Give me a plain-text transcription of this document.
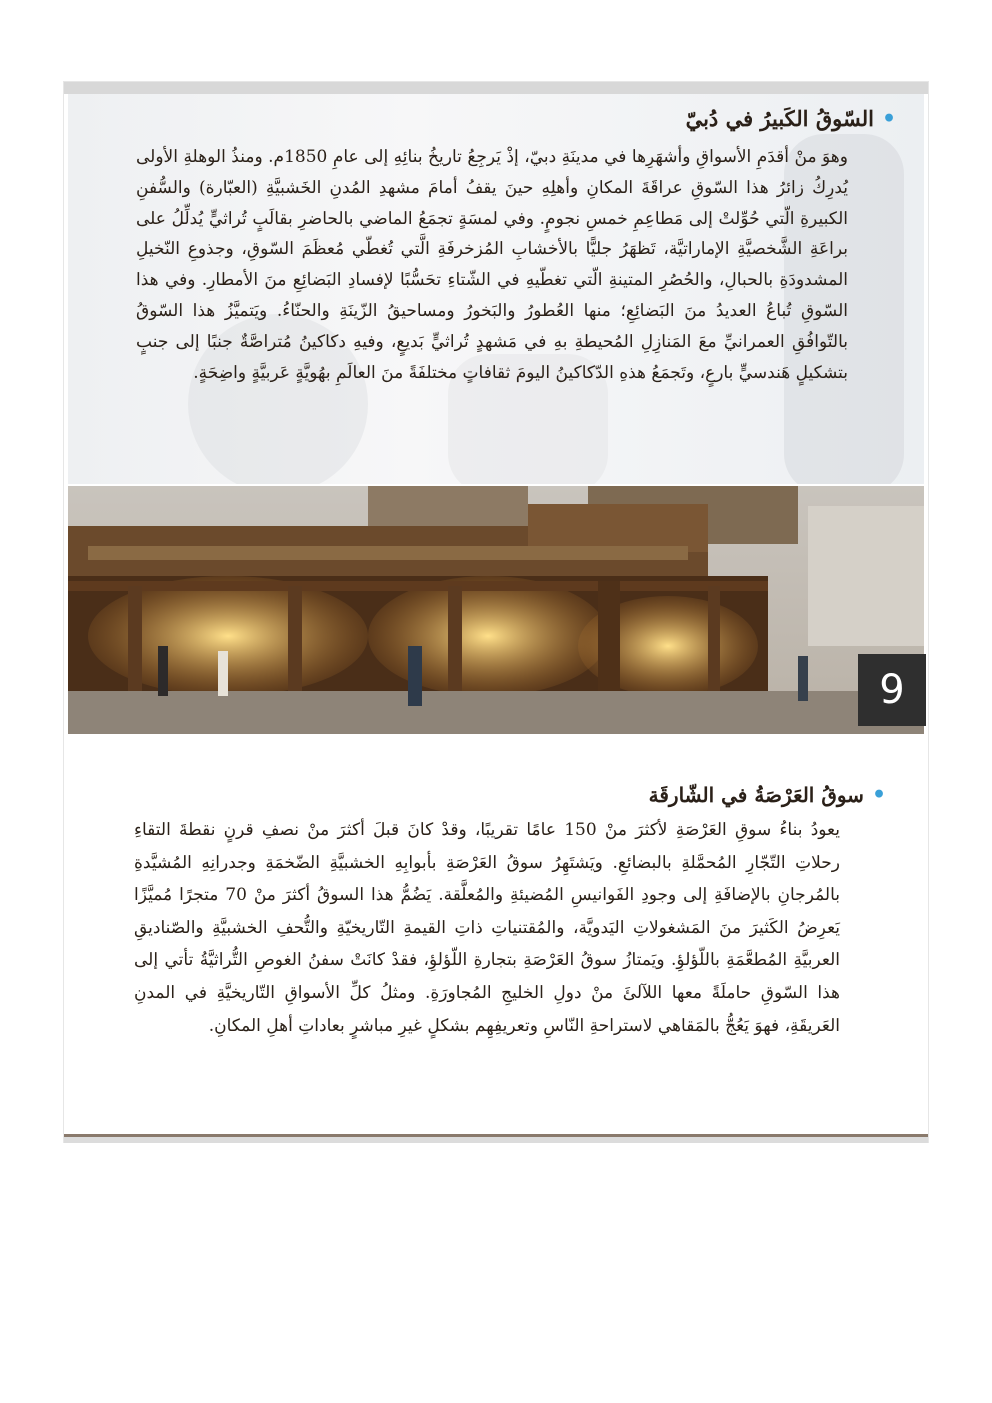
•السّوقُ الكَبيرُ في دُبيّ
وهوَ منْ أقدَمِ الأسواقِ وأشهَرِها في مدينَةِ دبيّ، إذْ يَرجِعُ تاريخُ بنائِهِ إلى عامِ 1850م. ومنذُ الوهلةِ الأولى يُدرِكُ زائرُ هذا السّوقِ عراقَةَ المكانِ وأهلِهِ حينَ يقفُ أمامَ مشهدِ المُدنِ الخَشبيَّةِ (العبّارة) والسُّفنِ الكبيرةِ الّتي حُوِّلتْ إلى مَطاعِمِ خمسِ نجومٍ. وفي لمسَةٍ تجمَعُ الماضي بالحاضرِ بقالَبٍ تُراثيٍّ يُدلِّلُ على براعَةِ الشَّخصيَّةِ الإماراتيَّة، تَظهَرُ جليًّا بالأخشابِ المُزخرفَةِ الَّتي تُغطّي مُعظَمَ السّوقِ، وجذوعِ النّخيلِ المشدودَةِ بالحبالِ، والحُصُرِ المتينةِ الّتي تغطّيهِ في الشّتاءِ تحَسُّبًا لإفسادِ البَضائِعِ منَ الأمطارِ. وفي هذا السّوقِ تُباعُ العديدُ منَ البَضائِعِ؛ منها العُطورُ والبَخورُ ومساحيقُ الزّينَةِ والحنّاءُ. ويَتميَّزُ هذا السّوقُ بالتّوافُقِ العمرانيِّ معَ المَنازِلِ المُحيطةِ بهِ في مَشهدٍ تُراثيٍّ بَديعٍ، وفيهِ دكاكينُ مُتراصَّةٌ جنبًا إلى جنبٍ بتشكيلٍ هَندسيٍّ بارعٍ، وتَجمَعُ هذهِ الدّكاكينُ اليومَ ثقافاتٍ مختلفَةً منَ العالَمِ بهُويَّةٍ عَربيَّةٍ واضِحَةٍ.
9
•سوقُ العَرْصَةُ في الشّارقَة
يعودُ بناءُ سوقِ العَرْصَةِ لأكثرَ منْ 150 عامًا تقريبًا، وقدْ كانَ قبلَ أكثرَ منْ نصفِ قرنٍ نقطةَ التقاءِ رحلاتِ التّجّارِ المُحمَّلةِ بالبضائعِ. ويَشتَهِرُ سوقُ العَرْصَةِ بأبوابِهِ الخشبيَّةِ الضّخمَةِ وجدرانِهِ المُشيَّدةِ بالمُرجانِ بالإضافَةِ إلى وجودِ الفَوانيسِ المُضيئةِ والمُعلَّقة. يَضُمُّ هذا السوقُ أكثرَ منْ 70 متجرًا مُميَّزًا يَعرِضُ الكَثيرَ منَ المَشغولاتِ اليَدويَّة، والمُقتنياتِ ذاتِ القيمةِ التّاريخيّةِ والتُّحفِ الخشبيَّةِ والصّناديقِ العربيَّةِ المُطعَّمَةِ باللّؤلؤِ. ويَمتازُ سوقُ العَرْصَةِ بتجارةِ اللّؤلؤِ، فقدْ كانَتْ سفنُ الغوصِ التُّراثيَّةُ تأتي إلى هذا السّوقِ حاملَةً معها اللآلئَ منْ دولِ الخليجِ المُجاورَةِ. ومثلُ كلِّ الأسواقِ التّاريخيَّةِ في المدنِ العَريقَةِ، فهوَ يَعُجُّ بالمَقاهي لاستراحةِ النّاسِ وتعريفِهِم بشكلٍ غيرِ مباشرٍ بعاداتِ أهلِ المكانِ.
